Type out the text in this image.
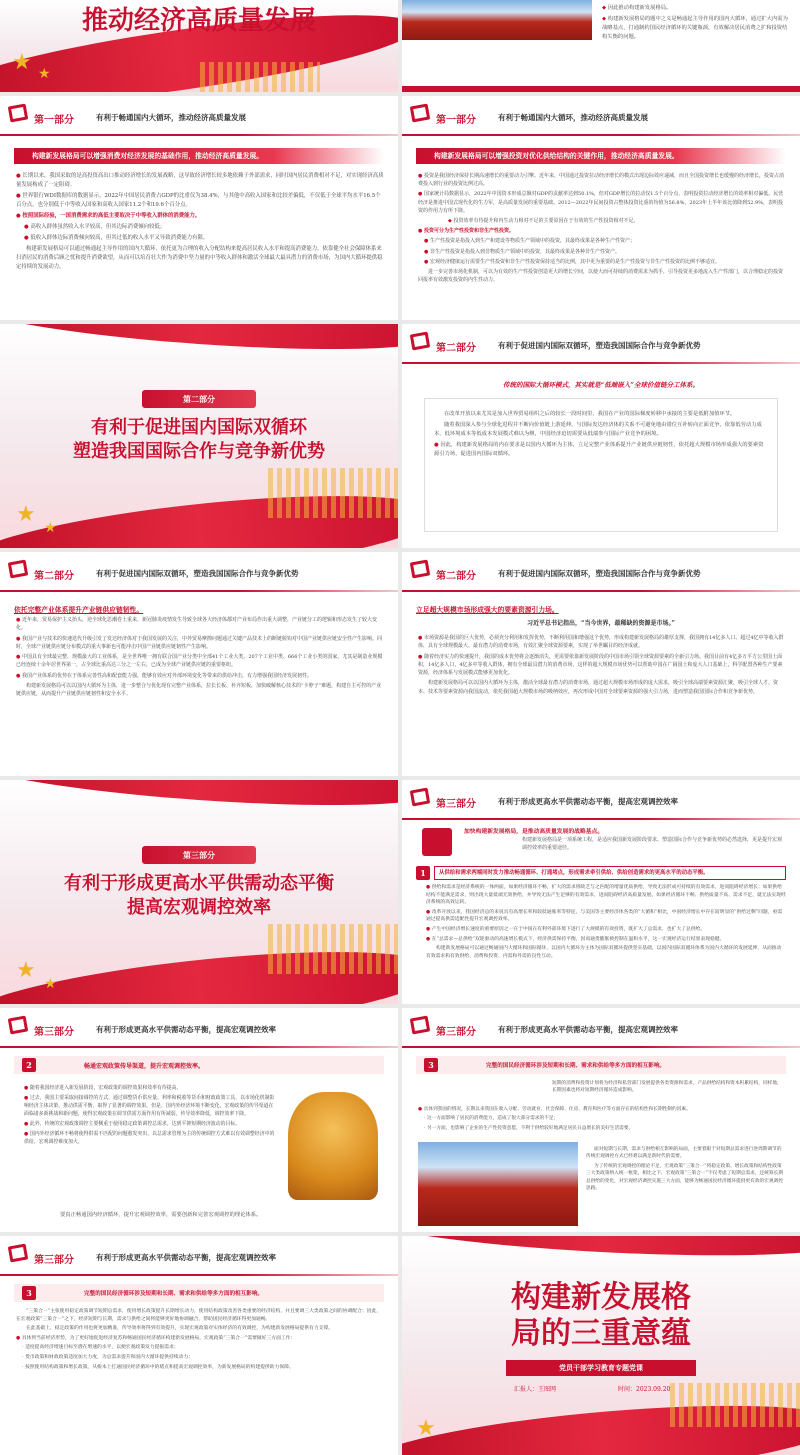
★ ★
推动经济高质量发展	◆ 因此推动构建新发展格局。

◆ 构建新发展格局的题中之义是畅通起主导作用的国内大循环，通过扩大内需为战略基点，打通制约国民经济循环的关键瓶颈，有效解决居民消费之扩和投资结构失衡的问题。

第一部分	有利于畅通国内大循环，推动经济高质量发展
构建新发展格局可以增强消费对经济发展的基础作用，推动经济高质量发展。

● 长期以来，我国采取的是高投资高出口推动经济增长的发展战略，这导致经济增长较多地依赖于外部需求，同时国内居民消费相对不足，对实现经济高质量发展构成了一定阻碍。

● 世界银行WDI数据库的数据显示，2022年中国居民消费占GDP的比重仅为38.4%，与其他中高收入国家和比较差偏低，不仅低于全球平均水平16.5个百分点，也分别低于中等收入国家和高收入国家11.2个和19.6个百分点。

● 按照国际经验，一国消费需求的高低主要取决于中等收入群体的消费能力。

● 高收入群体虽然收入水平较高，但其边际消费倾向较低；

● 低收入群体边际消费倾向较高，但其过低的收入水平又导致消费能力有限。

构建新发展格局可以通过畅通起主导作用的国内大循环，依托更为合理的收入分配结构来提高居民收入水平和提高消费能力，依靠健全社会保障体系来扫消居民的消费后顾之忧和提升消费欲望，从而可以培育壮大作为消费中坚力量的中等收入群体和激活全球最大最具潜力的消费市场，为国内大循环提供稳定持续的发展动力。

第一部分	有利于畅通国内大循环，推动经济高质量发展
构建新发展格局可以增强投资对优化供给结构的关键作用，推动经济高质量发展。

● 投资是我国经济保持长期高速增长的重要动力引擎。近年来，中国通过投资拉动经济增长的模式出现边际效应递减，而且全国投资增长也缓慢的经济增长，投资占消费投入到行业的投资比例过高。

● 国家统计局数据显示，2022年中国资本形成总额对GDP的贡献率达到50.1%，但对GDP增长的拉动仅1.5个百分点，表明投资拉动经济增长的效率相对偏低。民营经济是推进中国式现代化的生力军，是高质量发展的重要基础。2012—2022年民间投资占整体投资比重的均值为56.8%，2023年上半年该比值降到52.9%，表明投资的作用力有所下降。

◆ 投资效率有待提升和内生动力相对不足的主要原因在于有效的生产性投资相对不足。

● 投资可分为生产性投资和非生产性投资。

● 生产性投资是指投入到生产和建设等物质生产领域中的投资，其最终成果是各种生产性资产；

● 非生产性投资是指投入到非物质生产领域中的投资，其最终成果是各种非生产性资产。

● 宏观经济健康运行需要生产性投资和非生产性投资保持适当的比例，其中更为重要的是生产性投资与非生产性投资的比例不够适宜。

进一步完善市场化机制，可以为有效的生产性投资创造更大的增长空间，以使大而可持续的消费需求为抓手，引导投资更多地流入生产性部门，以合理稳定的投资回报率有效激发投资的内生性动力。

★
★
第二部分
有利于促进国内国际双循环
塑造我国国际合作与竞争新优势
第二部分	有利于促进国内国际双循环，塑造我国国际合作与竞争新优势
传统的国际大循环模式，其实就是“低端嵌入”全球价值链分工体系。

在改革开放以来尤其是加入世界贸易组织之后的较长一段时间里，我国在产业的国际梯度转移中承接的主要是低附加值环节。

随着我国深入参与全球化进程并不断向价值链上游延伸，与国际发达经济体的关系不可避免地由错位互补转向正面竞争。依靠低劳动力成本、低环境成本等低成本发展模式难以为继，中国经济迫切需要从低端参与国际产业竞争的困境。

● 因此，构建新发展格局的内在要求是以国内大循环为主体，立足完整产业体系提升产业链供应链韧性，依托超大规模市场形成强大的要素资源引力场，促进国内国际双循环。

第二部分	有利于促进国内国际双循环，塑造我国国际合作与竞争新优势
依托完整产业体系提升产业链供应链韧性。

● 近年来，贸易保护主义抬头，逆全球化思潮卷土重来，新冠肺炎疫情发生导致全球各大经济体都对产业布局作出重大调整，产业链分工的逻辑和形态发生了较大变化。

● 我国产业与技术的快速迭代升级引发了发达经济体对于我国发展的关注，中外贸易摩擦问题通过关键产品技术上的断链脱钩对中国产业链供应链安全性产生影响。同时，全球产业链供应链分布模式的重大事新也可能冲击中国产业链供应链韧性产生影响。

● 中国具有全球最完整、规模最大的工业体系，是全世界唯一拥有联合国产业分类中全部41个工业大类、207个工业中类、666个工业小类的国家，尤其是制造业规模已经连续十余年居世界第一，占全球比重高达三分之一左右，已成为全球产业链供应链的重要枢纽。

● 我国产业体系的优势在于体系完善性高和配套能力强，能够有效应对外部环境变化等带来的供给冲击，有力增强我国经济发展韧性。

构建新发展格局可以以国内大循环为主体，进一步整合与优化现有完整产业体系，拉长长板、补齐短板，加快破解核心技术的“卡脖子”难题，构建自主可控的产业链供应链，从而提升产业链供应链韧性和安全水平。

第二部分	有利于促进国内国际双循环，塑造我国国际合作与竞争新优势
立足超大规模市场形成强大的要素资源引力场。
习近平总书记指出，“当今世界，最稀缺的资源是市场。”

● 市场资源是我国的巨大优势，必须充分利用和发挥优势，不断利用国和增强这个优势，形成构建新发展格局的雄厚支撑，我国拥有14亿多人口、超过4亿中等收入群体，具有全球规模最大、最有潜力的消费市场，有效汇聚全球资源要素，实现了举世瞩目的经济成就。

● 随着经济实力的快速提升，我国的成本优势将会逐渐消失，更需要依靠新发展阶段的中国市场引领全球资源要素的全新引力场。我国目前有4亿多万平方公里国土面积，14亿多人口，4亿多中等收入群体，拥有全球最具潜力的消费市场，这样的超大规模市场优势可以帮助中国在广阔国土和庞大人口基础上，科学配置各种生产要素资源，经济体系与发展模式能够更加优化。

构建新发展格局可以以国内大循环为主体，激活全球最有潜力的消费市场，通过超大规模市场形成的庞大需求，吸引全球高端要素资源汇聚，吸引全球人才、资本、技术等要素资源向我国流动，依托我国超大规模市场的吸纳效应，再次形成中国对全球要素资源的强大引力场，进而塑造我国国际合作和竞争新优势。

★
★
第三部分
有利于形成更高水平供需动态平衡
提高宏观调控效率
第三部分	有利于形成更高水平供需动态平衡，提高宏观调控效率
加快构建新发展格局，是推动高质量发展的战略基点。
构建新发展格局是一项系统工程，是适应我国新发展阶段要求、塑造国际合作与竞争新优势的必然选择，更是提升宏观调控效率的重要途径。
1	从供给和需求两端同时发力推动畅通循环、打通堵点，形成需求牵引供给、供给创造需求的更高水平的动态平衡。

● 供给和需求是经济系统的一体两面，如果经济循环不畅，扩大的需求将缺乏与之匹配的增量优质供给，导致无法形成可持续的有效需求，进而阻碍经济增长；如果供给结构不能满足需求，则出现大量低端无效供给，并导致无法产生足够的有效需求，进而阻碍经济高质量发展。如果经济循环不畅、供给质量不高、需求不足，就无法实现经济系统的高效运转。

● 改革开放以来，我国经济总的来说具有高增长率和较低通胀率等特征，与美国等主要经济体各类的“大循和”相比，中国经济增长中存在较明显的“供给过剩”问题，亟需通过提高供需适配性提升宏观调控效率。

● 产生中国经济增长速度的重要原因之一在于中国在有利外部环境下进行了大规模的有效投资，既扩大了总需求，也扩大了总供给。

● 在“总需求—总供给”双轮驱动的高速增长模式下，经济供需保持平衡，因而通货膨胀被控制在温和水平，这一宏观经济运行结果表现稳健。

构建新发展格局可以通过畅通国内大循环和国际循环，以国内大循环为主体为国际双循环提供坚实基础，以国内国际双循环体系为国内大循环的发展延伸，从而推动有效需求和有效供给、消费和投资、内需和外需的良性互动。

第三部分	有利于形成更高水平供需动态平衡，提高宏观调控效率
2	畅通宏观政策传导渠道，提升宏观调控效率。

● 随着我国经济进入新发展阶段，宏观政策的调控效果和效率有待提高。

● 过去，我国主要采取间接调控的方式，通过调整货币供应量、利率和税收等货币和财政政策工具，以市场化机制影响经济主体决策，推动供需平衡，取得了显著的调控效果。但是，国内外经济环境不断变化，宏观政策的传导渠道在面临诸多新挑战和新问题，使得宏观政策在调节供需方面作用有所减弱，传导效率降低，调控效率下降。

● 此外，传统的宏观政策调控主要侧重于使用稳定政策调控总需求，达到平抑短期经济波动的目标。

● 国内外经济循环不畅将使得供需不匹配的问题愈发突出，以总需求管理为主的传统调控方式难以有效调整经济中的供给，宏观调控难度加大。

要真正畅通国内经济循环，提升宏观调控效率，需要创新和完善宏观调控的理论体系。
第三部分	有利于形成更高水平供需动态平衡，提高宏观调控效率
3	完整的国民经济循环涉及短期和长期、需求和供给等多方面的相互影响。

短期的消费和投资计划将为经济和私营部门发展提供各类资源和需求，产品供给结构和资本积累结构，同样地，长期因素也将对短期经济循环造成影响。

● 具体到我国的情况，长期以来我国在收入分配、劳动就业、社会保障、住房、教育和医疗等方面存在的结构性和长期性制约因素。

· 这一方面影响了居民的消费能力，造成了很大部分需求的不足；

· 另一方面，也影响了企业的生产性投资意愿，不利于供给较好地满足居民日益增长的美好生活需要。

面对短期与长期，需求与供给相互影响的局面，主要着眼于对短期总需求进行逆周期调节的传统宏观调控方式已经难以满足新时代的需要。

为了传统的宏观调控的理论不足，宏观政策“三策合一”将稳定政策、增长政策和结构性政策三大类政策纳入统一框架，相比之下，宏观政策“三策合一”不仅考虑了短期总需求，还统筹长期总供给的变化，对宏观经济调控实施三大方面，能够为畅通国民经济循环提供更有效的宏观调控思路。

第三部分	有利于形成更高水平供需动态平衡，提高宏观调控效率
3	完整的国民经济循环涉及短期和长期、需求和供给等多方面的相互影响。

“三策合一”主张使用稳定政策调节短期总需求，使用增长政策提升长期增长动力，使用结构政策改善各类重要的经济结构，并且要调三大类政策之间的协调配合；因此，在宏观政策“三策合一”之下，经济短期与长期，需求与供给之间将能够更好地协调融合，帮助国民经济循环得更加通畅。

在此基础上，稳定政策的作用也将更加精准，传导效率将得到有效提升，实现宏观政策对实体经济的有效调控，为构建新发展格局提供有力支撑。

● 具体到当前经济形势，为了更好地促进经济复苏和畅通国民经济循环构建新发展格局，宏观政策“三策合一”需要做好三方面工作：

· 适度提高经济增速目标至潜在增速的水平，以便宏观政策发力提振需求；

· 货币政策和财政政策适度加大力度，为总需求提升和国内大循环提供持续动力；

· 按照使用结构政策和增长政策，从根本上打通国民经济循环中的堵点和提高宏观调控效率，为新发展格局的构建提供助力保障。

★
构建新发展格
局的三重意蕴
党员干部学习教育专题党课
汇报人：王图网	时间：2023.09.20
